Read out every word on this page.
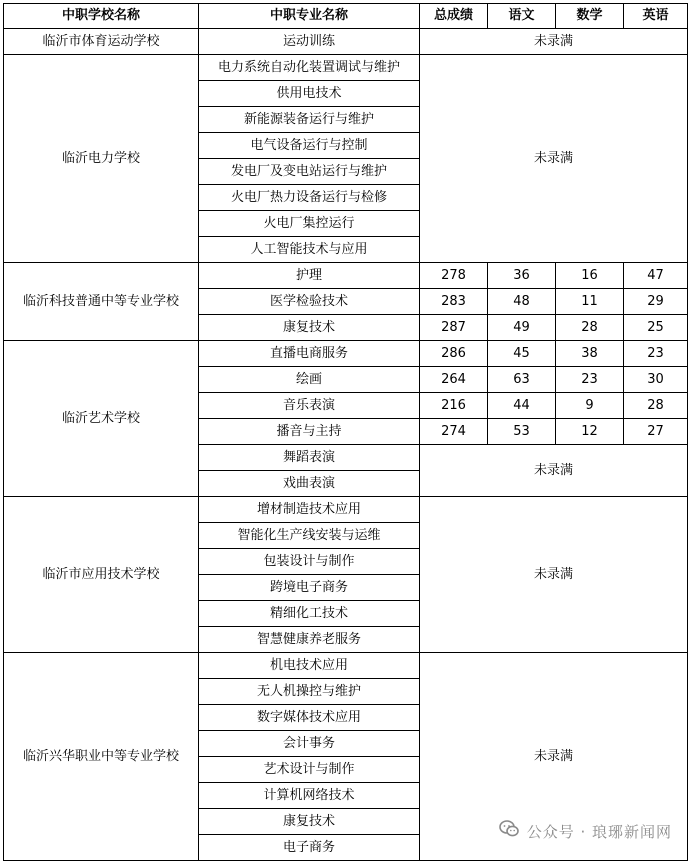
中职学校名称	中职专业名称	总成绩	语文	数学	英语
临沂市体育运动学校	运动训练	未录满			
临沂电力学校	电力系统自动化装置调试与维护	未录满			
	供用电技术				
	新能源装备运行与维护				
	电气设备运行与控制				
	发电厂及变电站运行与维护				
	火电厂热力设备运行与检修				
	火电厂集控运行				
	人工智能技术与应用				
临沂科技普通中等专业学校	护理	278	36	16	47
	医学检验技术	283	48	11	29
	康复技术	287	49	28	25
临沂艺术学校	直播电商服务	286	45	38	23
	绘画	264	63	23	30
	音乐表演	216	44	9	28
	播音与主持	274	53	12	27
	舞蹈表演	未录满			
	戏曲表演				
临沂市应用技术学校	增材制造技术应用	未录满			
	智能化生产线安装与运维				
	包装设计与制作				
	跨境电子商务				
	精细化工技术				
	智慧健康养老服务				
临沂兴华职业中等专业学校	机电技术应用	未录满			
	无人机操控与维护				
	数字媒体技术应用				
	会计事务				
	艺术设计与制作				
	计算机网络技术				
	康复技术				
	电子商务				
公众号 · 琅琊新闻网
